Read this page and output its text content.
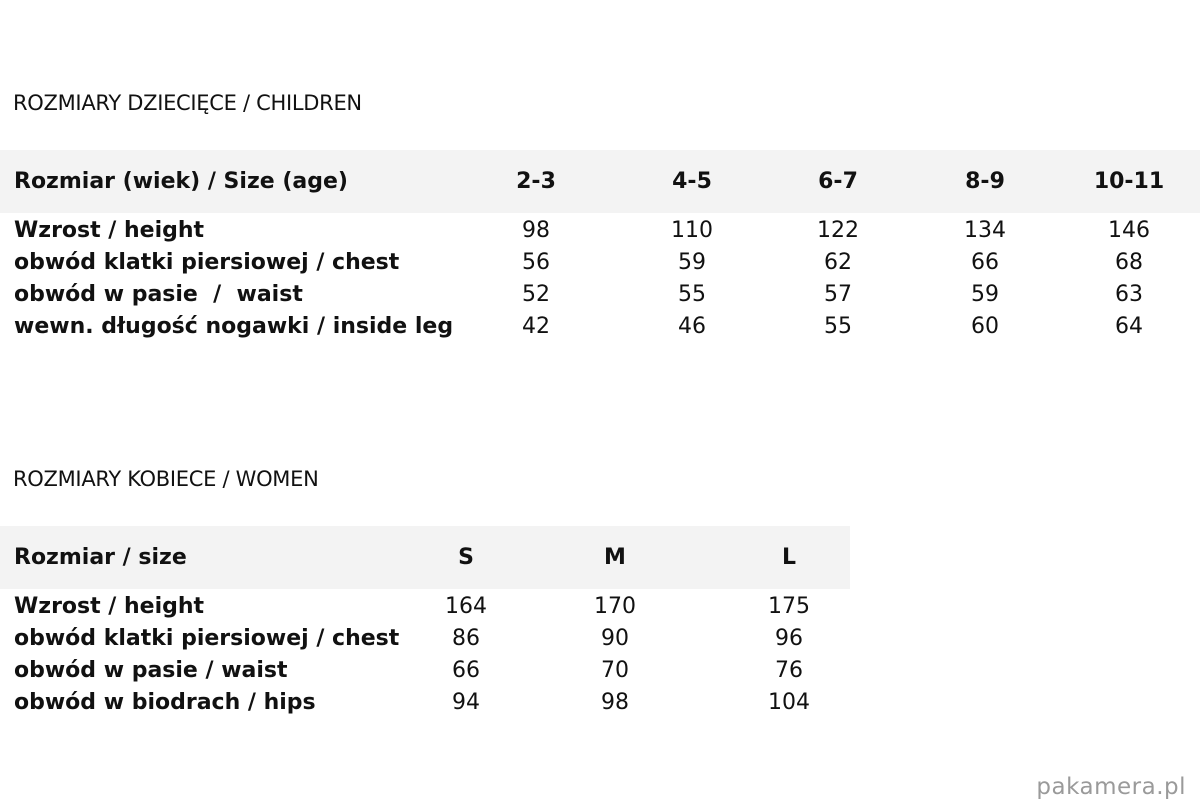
ROZMIARY DZIECIĘCE / CHILDREN
Rozmiar (wiek) / Size (age)	2-3	4-5	6-7	8-9	10-11
Wzrost / height	98	110	122	134	146
obwód klatki piersiowej / chest	56	59	62	66	68
obwód w pasie  /  waist	52	55	57	59	63
wewn. długość nogawki / inside leg	42	46	55	60	64
ROZMIARY KOBIECE / WOMEN
Rozmiar / size	S	M	L
Wzrost / height	164	170	175
obwód klatki piersiowej / chest	86	90	96
obwód w pasie / waist	66	70	76
obwód w biodrach / hips	94	98	104
pakamera.pl
